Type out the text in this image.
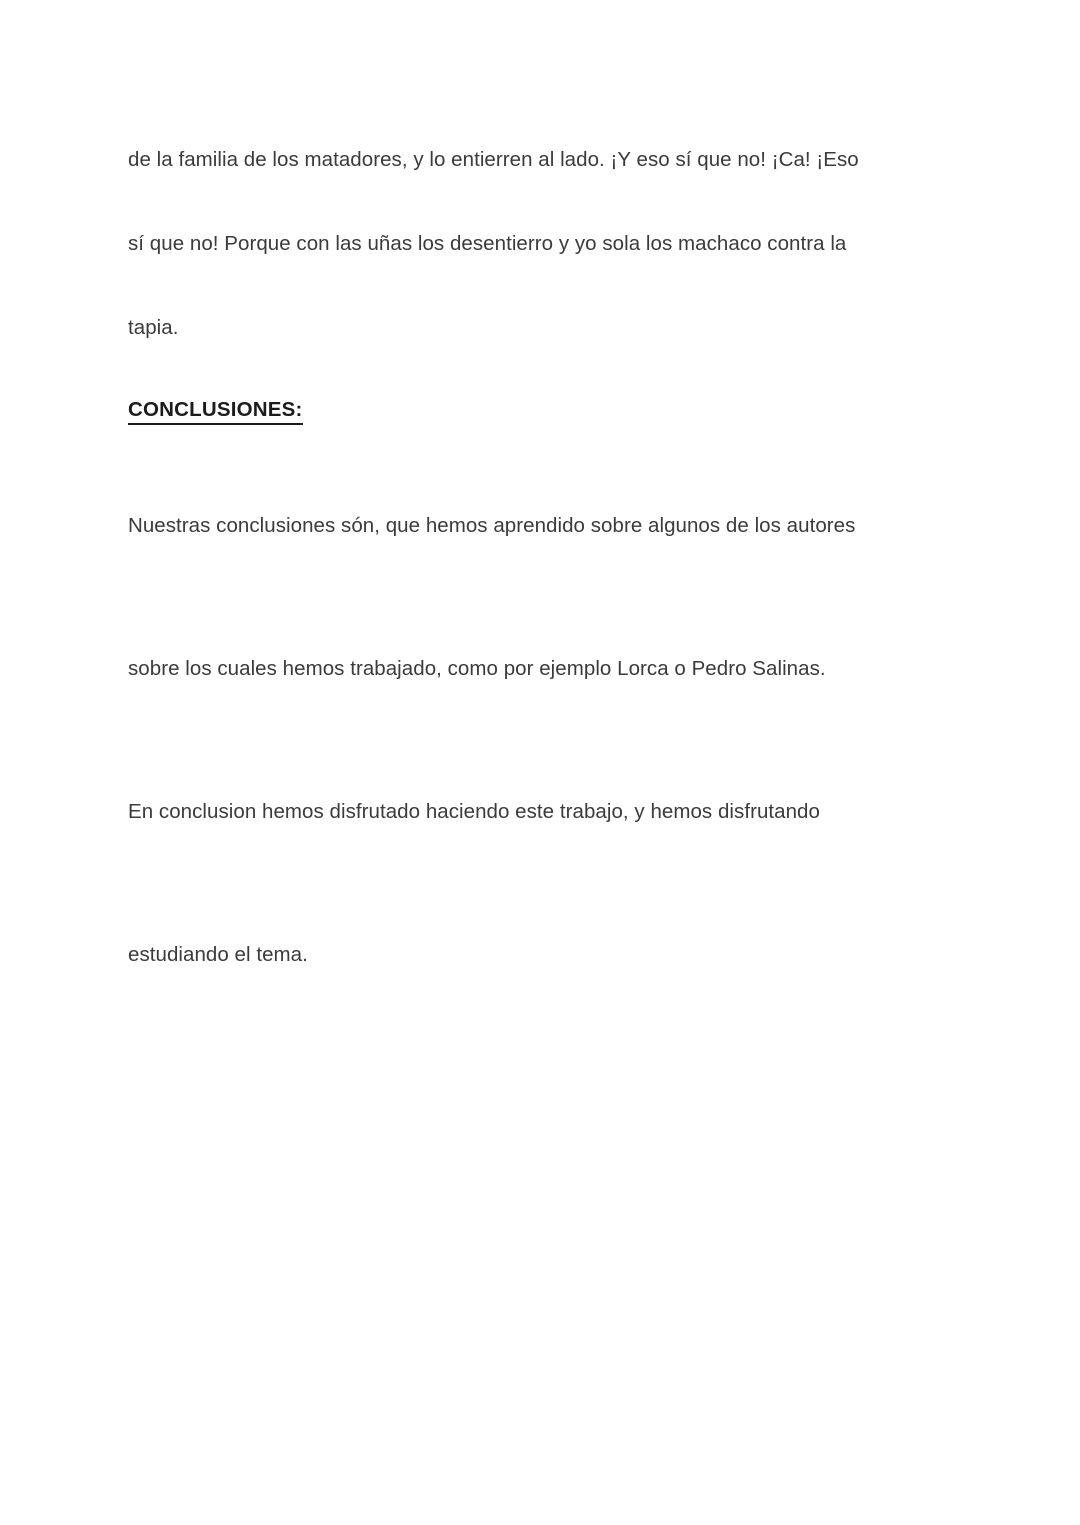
de la familia de los matadores, y lo entierren al lado. ¡Y eso sí que no! ¡Ca! ¡Eso
sí que no! Porque con las uñas los desentierro y yo sola los machaco contra la
tapia.
CONCLUSIONES:
Nuestras conclusiones són, que hemos aprendido sobre algunos de los autores
sobre los cuales hemos trabajado, como por ejemplo Lorca o Pedro Salinas.
En conclusion hemos disfrutado haciendo este trabajo, y hemos disfrutando
estudiando el tema.
